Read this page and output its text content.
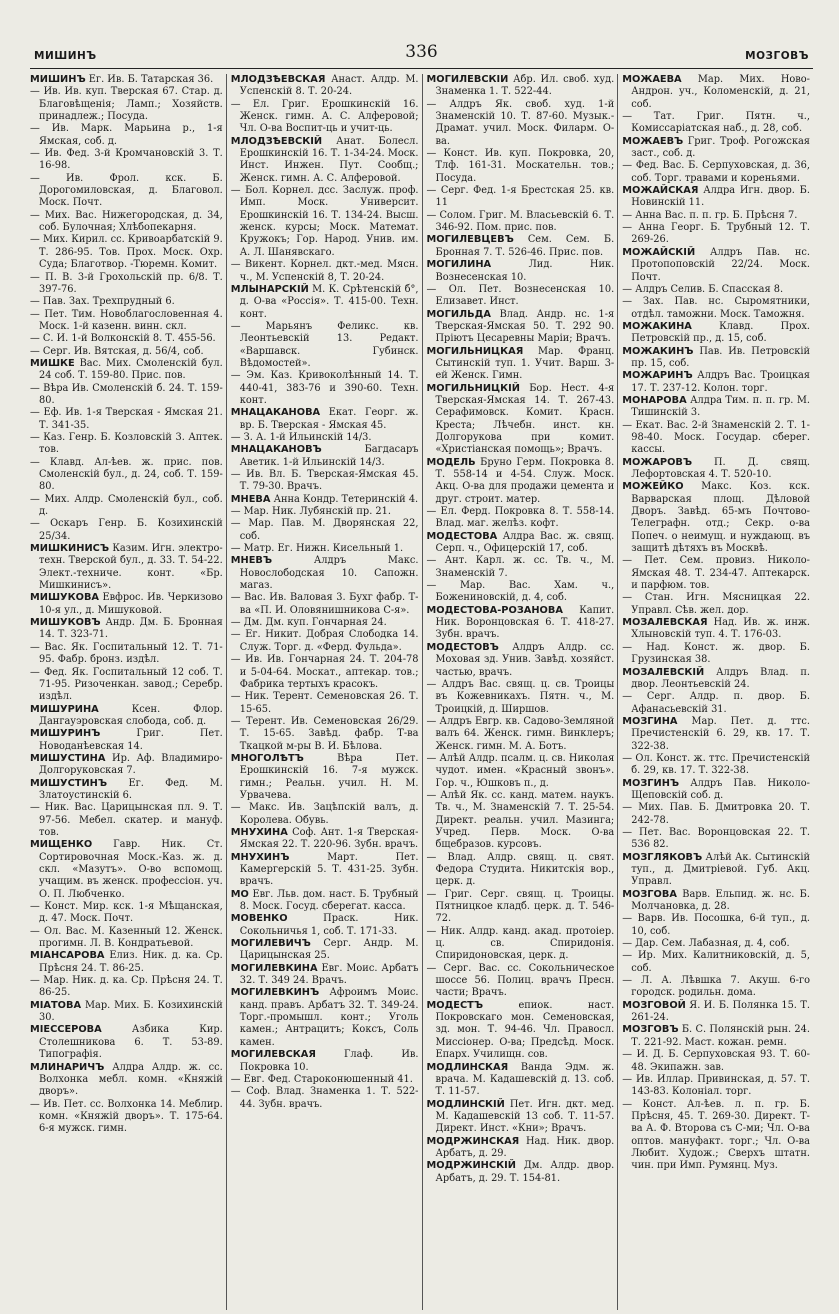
МИШИНЪ	336	МОЗГОВЪ

МИШИНЪ Ег. Ив. Б. Татарская 36.

— Ив. Ив. куп. Тверская 67. Стар. д. Благовѣщенія; Ламп.; Хозяйств. принадлеж.; Посуда.

— Ив. Марк. Марьина р., 1-я Ямская, соб. д.

— Ив. Фед. 3-й Кромчановскій 3. Т. 16-98.

— Ив. Фрол. кск. Б. Дорогомиловская, д. Благовол. Моск. Почт.

— Мих. Вас. Нижегородская, д. 34, соб. Булочная; Хлѣбопекарня.

— Мих. Кирил. сс. Кривоарбатскій 9. Т. 286-95. Тов. Прох. Моск. Охр. Суда; Благотвор. -Тюремн. Комит.

— П. В. 3-й Грохольскій пр. 6/8. Т. 397-76.

— Пав. Зах. Трехпрудный 6.

— Пет. Тим. Новоблагословенная 4. Моск. 1-й казенн. винн. скл.

— С. И. 1-й Волконскій 8. Т. 455-56.

— Серг. Ив. Вятская, д. 56/4, соб.

МИШКЕ Вас. Мих. Смоленскій бул. 24 соб. Т. 159-80. Прис. пов.

— Вѣра Ив. Смоленскій б. 24. Т. 159-80.

— Еф. Ив. 1-я Тверская - Ямская 21. Т. 341-35.

— Каз. Генр. Б. Козловскій 3. Аптек. тов.

— Клавд. Ал-ѣев. ж. прис. пов. Смоленскій бул., д. 24, соб. Т. 159-80.

— Мих. Алдр. Смоленскій бул., соб. д.

— Оскаръ Генр. Б. Козихинскій 25/34.

МИШКИНИСЪ Казим. Игн. электро-техн. Тверской бул., д. 33. Т. 54-22. Элект.-техниче. конт. «Бр. Мишкинисъ».

МИШУКОВА Евфрос. Ив. Черкизово 10-я ул., д. Мишуковой.

МИШУКОВЪ Андр. Дм. Б. Бронная 14. Т. 323-71.

— Вас. Як. Госпитальный 12. Т. 71-95. Фабр. бронз. издѣл.

— Фед. Як. Госпитальный 12 соб. Т. 71-95. Ризоченкан. завод.; Серебр. издѣл.

МИШУРИНА	Ксен. Флор. Дангауэровская слобода, соб. д.

МИШУРИНЪ	Григ. Пет. Новоданѣевская 14.

МИШУСТИНА Ир. Аф. Владимиро-Долгоруковская 7.

МИШУСТИНЪ Ег. Фед. М. Златоустинскій 6.

— Ник. Вас. Царицынская пл. 9. Т. 97-56. Мебел. скатер. и мануф. тов.

МИЩЕНКО Гавр. Ник. Ст. Сортировочная Моск.-Каз. ж. д. скл. «Мазутъ». О-во вспомощ. учащим. въ женск. профессіон. уч. О. П. Любченко.

— Конст. Мир. кск. 1-я Мѣщанская, д. 47. Моск. Почт.

— Ол. Вас. М. Казенный 12. Женск. прогимн. Л. В. Кондратьевой.

МІАНСАРОВА Елиз. Ник. д. ка. Ср. Прѣсня 24. Т. 86-25.

— Мар. Ник. д. ка. Ср. Прѣсня 24. Т. 86-25.

МІАТОВА Мар. Мих. Б. Козихинскій 30.

МІЕССЕРОВА	Азбика Кир. Столешникова 6. Т. 53-89. Типографія.

МЛИНАРИЧЪ Алдра Алдр. ж. сс. Волхонка мебл. комн. «Княжій дворъ».

— Ив. Пет. сс. Волхонка 14. Меблир. комн. «Княжій дворъ». Т. 175-64. 6-я мужск. гимн.

МЛОДЗѢЕВСКАЯ Анаст. Алдр. М. Успенскій 8. Т. 20-24.

— Ел. Григ. Ерошкинскій 16. Женск. гимн. А. С. Алферовой; Чл. О-ва Воспит-ць и учит-ць.

МЛОДЗѢЕВСКІЙ Анат. Болесл. Ерошкинскій 16. Т. 1-34-24. Моск. Инст. Инжен. Пут. Сообщ.; Женск. гимн. А. С. Алферовой.

— Бол. Корнел. дсс. Заслуж. проф. Имп. Моск. Университ. Ерошкинскій 16. Т. 134-24. Высш. женск. курсы; Моск. Математ. Кружокъ; Гор. Народ. Унив. им. А. Л. Шанявскаго.

— Викент. Корнел. дкт.-мед. Мясн. ч., М. Успенскій 8, Т. 20-24.

МЛЫНАРСКІЙ М. К. Срѣтенскій б°, д. О-ва «Россія». Т. 415-00. Техн. конт.

— Марьянъ Феликс. кв. Леонтьевскій 13. Редакт. «Варшавск. Губинск. Вѣдомостей».

— Эм. Каз. Кривоколѣнный 14. Т. 440-41, 383-76 и 390-60. Техн. конт.

МНАЦАКАНОВА Екат. Георг. ж. вр. Б. Тверская - Ямская 45.

— З. А. 1-й Ильинскій 14/3.

МНАЦАКАНОВЪ	Багдасаръ Аветик. 1-й Ильинскій 14/3.

— Ив. Вл. Б. Тверская-Ямская 45. Т. 79-30. Врачъ.

МНЕВА Анна Кондр. Тетеринскій 4.

— Мар. Ник. Лубянскій пр. 21.

— Мар. Пав. М. Дворянская 22, соб.

— Матр. Ег. Нижн. Кисельный 1.

МНЕВЪ	Алдръ Макс. Новослободская 10. Сапожн. магаз.

— Вас. Ив. Валовая 3. Бухг фабр. Т-ва «П. И. Оловянишникова С-я».

— Дм. Дм. куп. Гончарная 24.

— Ег. Никит. Добрая Слободка 14. Служ. Торг. д. «Ферд. Фульда».

— Ив. Ив. Гончарная 24. Т. 204-78 и 5-04-64. Москат., аптекар. тов.; Фабрика тертыхъ красокъ.

— Ник. Терент. Семеновская 26. Т. 15-65.

— Терент. Ив. Семеновская 26/29. Т. 15-65. Завѣд. фабр. Т-ва Ткацкой м-ры В. И. Бѣлова.

МНОГОЛѢТЪ	Вѣра Пет. Ерошкинскій 16. 7-я мужск. гимн.; Реальн. учил. Н. М. Урвачева.

— Макс. Ив. Зацѣпскій валъ, д. Королева. Обувь.

МНУХИНА Соф. Ант. 1-я Тверская-Ямская 22. Т. 220-96. Зубн. врачъ.

МНУХИНЪ	Март. Пет. Камергерскій 5. Т. 431-25. Зубн. врачъ.

МО Евг. Льв. дом. наст. Б. Трубный 8. Моск. Госуд. сберегат. касса.

МОВЕНКО	Праск. Ник. Сокольничья 1, соб. Т. 171-33.

МОГИЛЕВИЧЪ Серг. Андр. М. Царицынская 25.

МОГИЛЕВКИНА Евг. Моис. Арбатъ 32. Т. 349 24. Врачъ.

МОГИЛЕВКИНЪ Афроимъ Моис. канд. правъ. Арбатъ 32. Т. 349-24. Торг.-промышл. конт.; Уголь камен.; Антрацитъ; Коксъ, Соль камен.

МОГИЛЕВСКАЯ	Глаф. Ив. Покровка 10.

— Евг. Фед. Староконюшенный 41.

— Соф. Влад. Знаменка 1. Т. 522-44. Зубн. врачъ.

МОГИЛЕВСКІЙ Абр. Ил. своб. худ. Знаменка 1. Т. 522-44.

— Алдръ Як. своб. худ. 1-й Знаменскій 10. Т. 87-60. Музык.-Драмат. учил. Моск. Филарм. О-ва.

— Конст. Ив. куп. Покровка, 20, Тлф. 161-31. Москательн. тов.; Посуда.

— Серг. Фед. 1-я Брестская 25. кв. 11

— Солом. Григ. М. Власьевскій 6. Т. 346-92. Пом. прис. пов.

МОГИЛЕВЦЕВЪ Сем. Сем. Б. Бронная 7. Т. 526-46. Прис. пов.

МОГИЛИНА	Лид. Ник. Вознесенская 10.

— Ол. Пет. Вознесенская 10. Елизавет. Инст.

МОГИЛЬДА Влад. Андр. нс. 1-я Тверская-Ямская 50. Т. 292 90. Пріютъ Цесаревны Маріи; Врачъ.

МОГИЛЬНИЦКАЯ Мар. Франц. Сытинскій туп. 1. Учит. Варш. 3-ей Женск. Гимн.

МОГИЛЬНИЦКІЙ Бор. Нест. 4-я Тверская-Ямская 14. Т. 267-43. Серафимовск. Комит. Красн. Креста; Лѣчебн. инст. кн. Долгорукова при комит. «Христіанская помощь»; Врачъ.

МОДЕЛЬ Бруно Герм. Покровка 8. Т. 558-14 и 4-54. Служ. Моск. Акц. О-ва для продажи цемента и друг. строит. матер.

— Ел. Ферд. Покровка 8. Т. 558-14. Влад. маг. желѣз. кофт.

МОДЕСТОВА Алдра Вас. ж. свящ. Серп. ч., Офицерскій 17, соб.

— Ант. Карл. ж. сс. Тв. ч., М. Знаменскій 7.

— Мар. Вас. Хам. ч., Божениновскій, д. 4, соб.

МОДЕСТОВА-РОЗАНОВА Капит. Ник. Воронцовская 6. Т. 418-27. Зубн. врачъ.

МОДЕСТОВЪ Алдръ Алдр. сс. Моховая зд. Унив. Завѣд. хозяйст. частью, врачъ.

— Алдръ Вас. свящ. ц. св. Троицы въ Кожевникахъ. Пятн. ч., М. Троицкій, д. Ширшов.

— Алдръ Евгр. кв. Садово-Земляной валъ 64. Женск. гимн. Винклеръ; Женск. гимн. М. А. Ботъ.

— Алѣй Алдр. псалм. ц. св. Николая чудот. имен. «Красный звонъ». Гор. ч., Юшковъ п., д.

— Алѣй Як. сс. канд. матем. наукъ. Тв. ч., М. Знаменскій 7. Т. 25-54. Директ. реальн. учил. Мазинга; Учред. Перв. Моск. О-ва бщебразов. курсовъ.

— Влад. Алдр. свящ. ц. свят. Федора Студита. Никитскія вор., церк. д.

— Григ. Серг. свящ. ц. Троицы. Пятницкое кладб. церк. д. Т. 546-72.

— Ник. Алдр. канд. акад. протоіер. ц. св. Спиридонія. Спиридоновская, церк. д.

— Серг. Вас. сс. Сокольническое шоссе 56. Полиц. врачъ Пресн. части; Врачъ.

МОДЕСТЪ	епиок. наст. Покровскаго мон. Семеновская, зд. мон. Т. 94-46. Чл. Правосл. Миссіонер. О-ва; Предсѣд. Моск. Епарх. Училищн. сов.

МОДЛИНСКАЯ Ванда Эдм. ж. врача. М. Кадашевскій д. 13. соб. Т. 11-57.

МОДЛИНСКІЙ Пет. Игн. дкт. мед. М. Кадашевскій 13 соб. Т. 11-57. Директ. Инст. «Кни»; Врачъ.

МОДРЖИНСКАЯ Над. Ник. двор. Арбатъ, д. 29.

МОДРЖИНСКІЙ Дм. Алдр. двор. Арбатъ, д. 29. Т. 154-81.

МОЖАЕВА Мар. Мих. Ново-Андрон. уч., Коломенскій, д. 21, соб.

— Тат. Григ. Пятн. ч., Комиссаріатская наб., д. 28, соб.

МОЖАЕВЪ Григ. Троф. Рогожская заст., соб. д.

— Фед. Вас. Б. Серпуховская, д. 36, соб. Торг. травами и кореньями.

МОЖАЙСКАЯ Алдра Игн. двор. Б. Новинскій 11.

— Анна Вас. п. п. гр. Б. Прѣсня 7.

— Анна Георг. Б. Трубный 12. Т. 269-26.

МОЖАЙСКІЙ Алдръ Пав. нс. Протопоповскій 22/24. Моск. Почт.

— Алдръ Селив. Б. Спасская 8.

— Зах. Пав. нс. Сыромятники, отдѣл. таможни. Моск. Таможня.

МОЖАКИНА	Клавд. Прох. Петровскій пр., д. 15, соб.

МОЖАКИНЪ Пав. Ив. Петровскій пр. 15, соб.

МОЖАРИНЪ Алдръ Вас. Троицкая 17. Т. 237-12. Колон. торг.

МОНАРОВА Алдра Тим. п. п. гр. М. Тишинскій 3.

— Екат. Вас. 2-й Знаменскій 2. Т. 1-98-40. Моск. Государ. сберег. кассы.

МОЖАРОВЪ П. Д. свящ. Лефортовская 4. Т. 520-10.

МОЖЕЙКО Макс. Коз. кск. Варварская площ. Дѣловой Дворъ. Завѣд. 65-мъ Почтово-Телеграфн. отд.; Секр. о-ва Попеч. о неимущ. и нуждающ. въ защитѣ дѣтяхъ въ Москвѣ.

— Пет. Сем. провиз. Николо-Ямская 48. Т. 234-47. Аптекарск. и парфюм. тов.

— Стан. Игн. Мясницкая 22. Управл. Сѣв. жел. дор.

МОЗАЛЕВСКАЯ Над. Ив. ж. инж. Хлыновскій туп. 4. Т. 176-03.

— Над. Конст. ж. двор. Б. Грузинская 38.

МОЗАЛЕВСКІЙ Алдръ Влад. п. двор. Леонтьевскій 24.

— Серг. Алдр. п. двор. Б. Афанасьевскій 31.

МОЗГИНА Мар. Пет. д. ттс. Пречистенскій 6. 29, кв. 17. Т. 322-38.

— Ол. Конст. ж. ттс. Пречистенскій б. 29, кв. 17. Т. 322-38.

МОЗГИНЪ Алдръ Пав. Николо-Щеповскій соб. д.

— Мих. Пав. Б. Дмитровка 20. Т. 242-78.

— Пет. Вас. Воронцовская 22. Т. 536 82.

МОЗГЛЯКОВЪ Алѣй Ак. Сытинскій туп., д. Дмитріевой. Губ. Акц. Управл.

МОЗГОВА Варв. Ельпид. ж. нс. Б. Молчановка, д. 28.

— Варв. Ив. Посошка, 6-й туп., д. 10, соб.

— Дар. Сем. Лабазная, д. 4, соб.

— Ир. Мих. Калитниковскій, д. 5, соб.

— Л. А. Лѣвшка 7. Акуш. 6-го городск. родильн. дома.

МОЗГОВОЙ Я. И. Б. Полянка 15. Т. 261-24.

МОЗГОВЪ Б. С. Полянскій рын. 24. Т. 221-92. Маст. кожан. ремн.

— И. Д. Б. Серпуховская 93. Т. 60-48. Экипажн. зав.

— Ив. Иллар. Привинская, д. 57. Т. 143-83. Колоніал. торг.

— Конст. Ал-ѣев. л. п. гр. Б. Прѣсня, 45. Т. 269-30. Директ. Т-ва А. Ф. Второва съ С-ми; Чл. О-ва оптов. мануфакт. торг.; Чл. О-ва Любит. Худож.; Сверхъ штатн. чин. при Имп. Румянц. Муз.
